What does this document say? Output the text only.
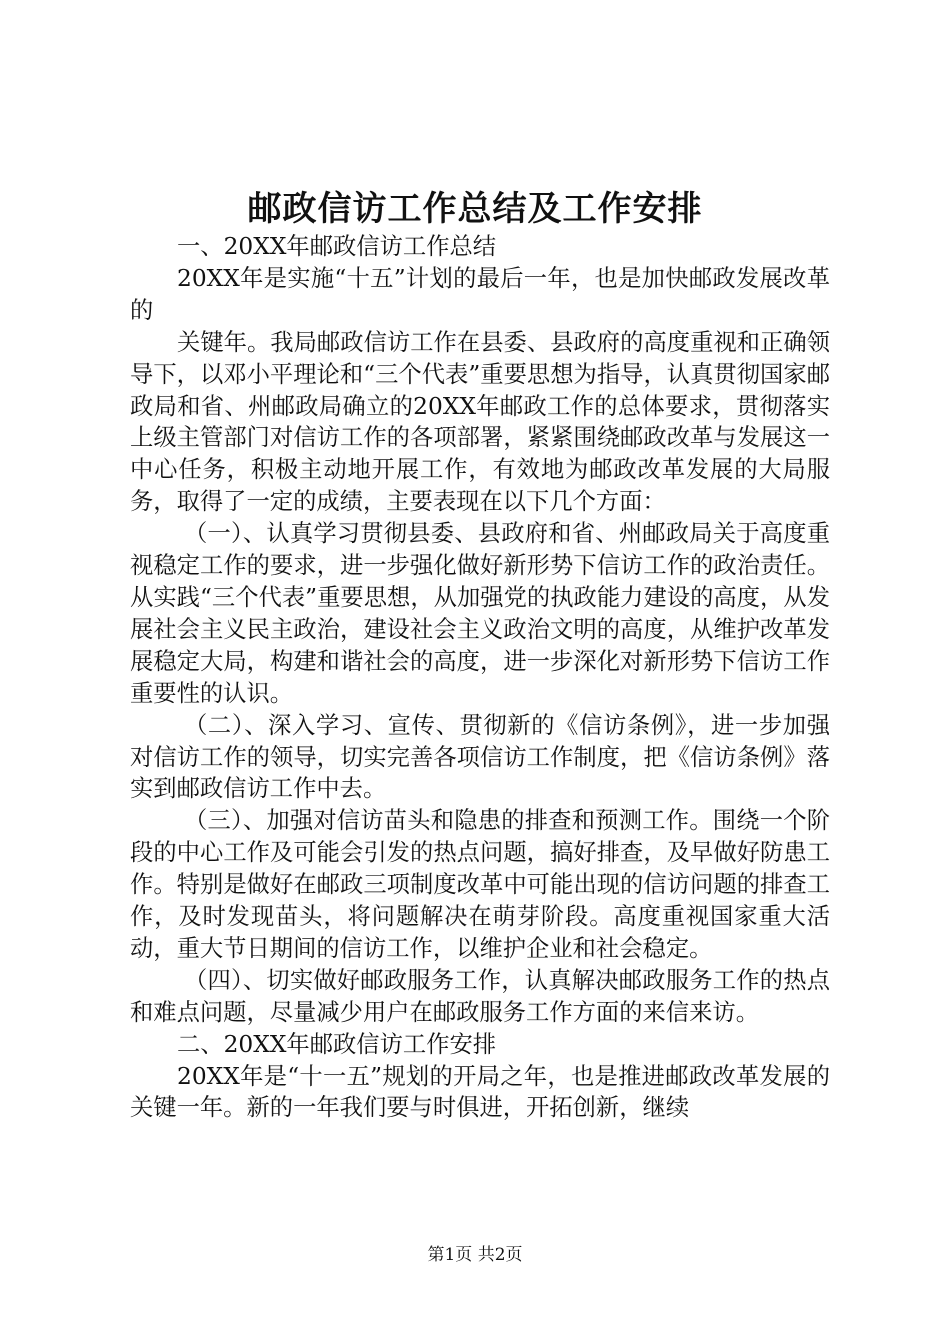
邮政信访工作总结及工作安排

一、20XX年邮政信访工作总结

20XX年是实施“十五”计划的最后一年，也是加快邮政发展改革的

关键年。我局邮政信访工作在县委、县政府的高度重视和正确领导下，以邓小平理论和“三个代表”重要思想为指导，认真贯彻国家邮政局和省、州邮政局确立的20XX年邮政工作的总体要求，贯彻落实上级主管部门对信访工作的各项部署，紧紧围绕邮政改革与发展这一中心任务，积极主动地开展工作，有效地为邮政改革发展的大局服务，取得了一定的成绩，主要表现在以下几个方面：

（一）、认真学习贯彻县委、县政府和省、州邮政局关于高度重视稳定工作的要求，进一步强化做好新形势下信访工作的政治责任。从实践“三个代表”重要思想，从加强党的执政能力建设的高度，从发展社会主义民主政治，建设社会主义政治文明的高度，从维护改革发展稳定大局，构建和谐社会的高度，进一步深化对新形势下信访工作重要性的认识。

（二）、深入学习、宣传、贯彻新的《信访条例》，进一步加强对信访工作的领导，切实完善各项信访工作制度，把《信访条例》落实到邮政信访工作中去。

（三）、加强对信访苗头和隐患的排查和预测工作。围绕一个阶段的中心工作及可能会引发的热点问题，搞好排查，及早做好防患工作。特别是做好在邮政三项制度改革中可能出现的信访问题的排查工作，及时发现苗头，将问题解决在萌芽阶段。高度重视国家重大活动，重大节日期间的信访工作，以维护企业和社会稳定。

（四）、切实做好邮政服务工作，认真解决邮政服务工作的热点和难点问题，尽量减少用户在邮政服务工作方面的来信来访。

二、20XX年邮政信访工作安排

20XX年是“十一五”规划的开局之年，也是推进邮政改革发展的关键一年。新的一年我们要与时俱进，开拓创新，继续

第1页 共2页
